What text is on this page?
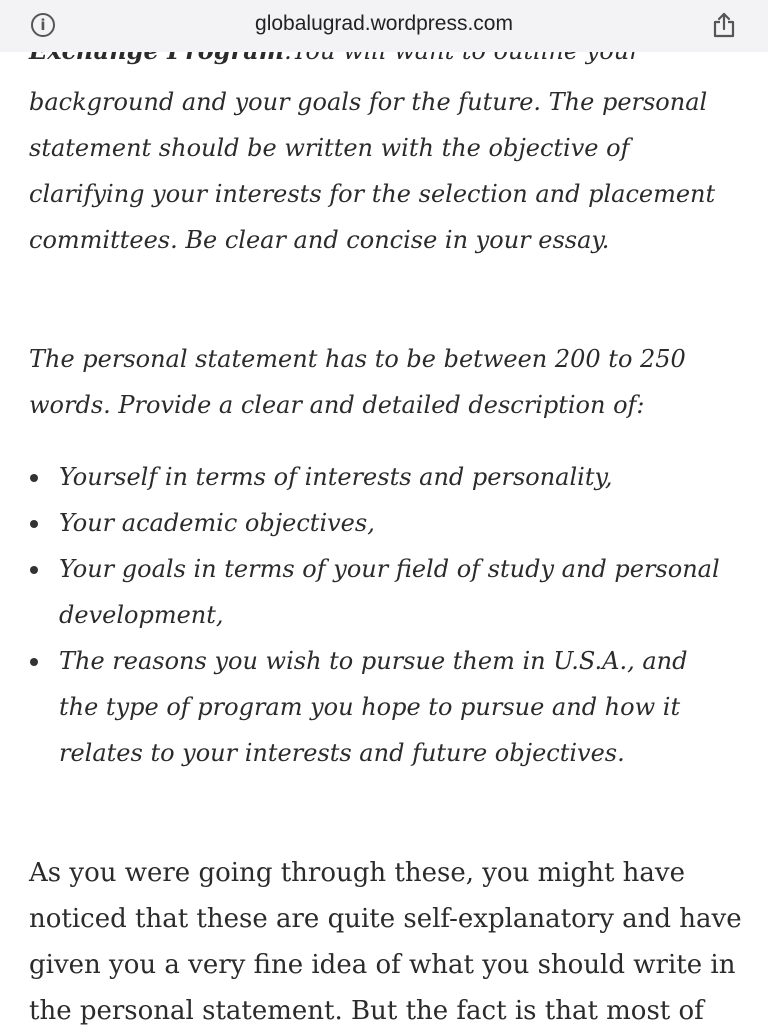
background and your goals for the future. The personal statement should be written with the objective of clarifying your interests for the selection and placement committees. Be clear and concise in your essay.

The personal statement has to be between 200 to 250 words. Provide a clear and detailed description of:

Yourself in terms of interests and personality,
Your academic objectives,
Your goals in terms of your field of study and personal development,
The reasons you wish to pursue them in U.S.A., and the type of program you hope to pursue and how it relates to your interests and future objectives.

As you were going through these, you might have noticed that these are quite self-explanatory and have given you a very fine idea of what you should write in the personal statement. But the fact is that most of

i	globalugrad.wordpress.com
